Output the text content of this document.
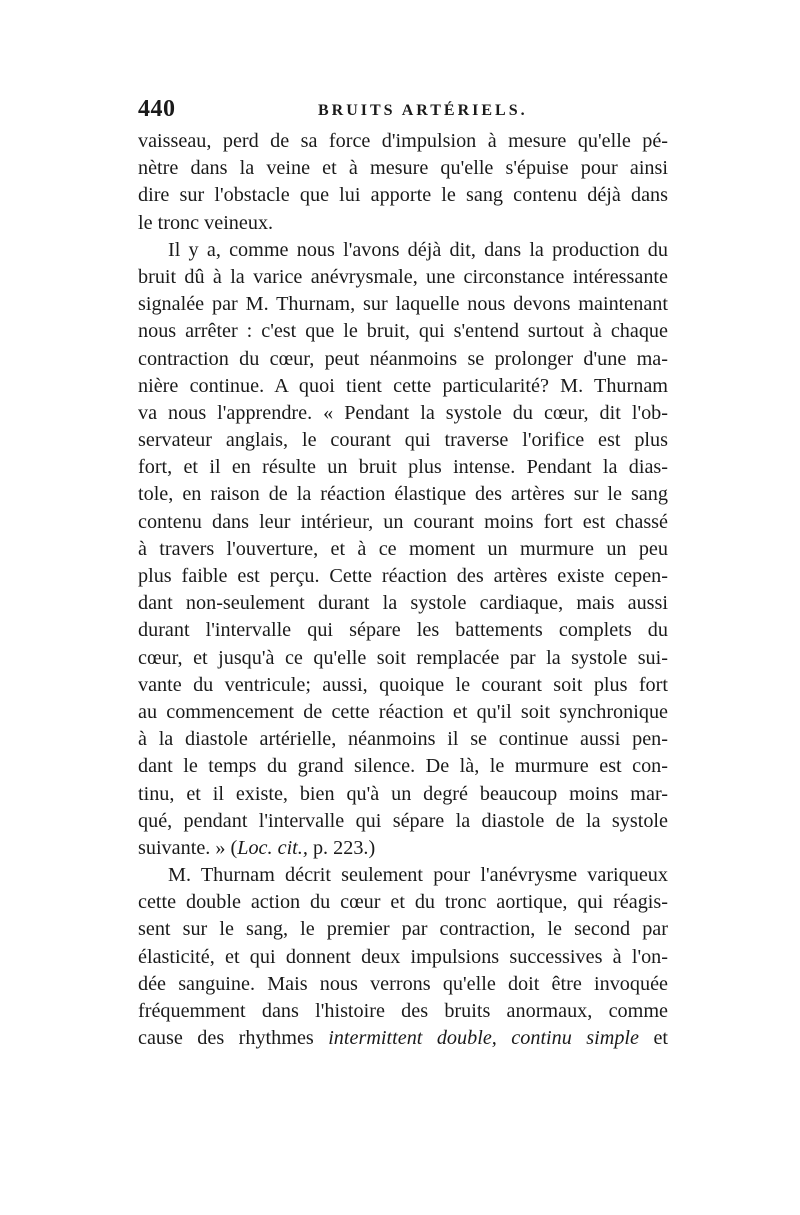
440	BRUITS ARTÉRIELS.
vaisseau, perd de sa force d'impulsion à mesure qu'elle pé-
nètre dans la veine et à mesure qu'elle s'épuise pour ainsi
dire sur l'obstacle que lui apporte le sang contenu déjà dans
le tronc veineux.
Il y a, comme nous l'avons déjà dit, dans la production du
bruit dû à la varice anévrysmale, une circonstance intéressante
signalée par M. Thurnam, sur laquelle nous devons maintenant
nous arrêter : c'est que le bruit, qui s'entend surtout à chaque
contraction du cœur, peut néanmoins se prolonger d'une ma-
nière continue. A quoi tient cette particularité? M. Thurnam
va nous l'apprendre. « Pendant la systole du cœur, dit l'ob-
servateur anglais, le courant qui traverse l'orifice est plus
fort, et il en résulte un bruit plus intense. Pendant la dias-
tole, en raison de la réaction élastique des artères sur le sang
contenu dans leur intérieur, un courant moins fort est chassé
à travers l'ouverture, et à ce moment un murmure un peu
plus faible est perçu. Cette réaction des artères existe cepen-
dant non-seulement durant la systole cardiaque, mais aussi
durant l'intervalle qui sépare les battements complets du
cœur, et jusqu'à ce qu'elle soit remplacée par la systole sui-
vante du ventricule; aussi, quoique le courant soit plus fort
au commencement de cette réaction et qu'il soit synchronique
à la diastole artérielle, néanmoins il se continue aussi pen-
dant le temps du grand silence. De là, le murmure est con-
tinu, et il existe, bien qu'à un degré beaucoup moins mar-
qué, pendant l'intervalle qui sépare la diastole de la systole
suivante. » (Loc. cit., p. 223.)
M. Thurnam décrit seulement pour l'anévrysme variqueux
cette double action du cœur et du tronc aortique, qui réagis-
sent sur le sang, le premier par contraction, le second par
élasticité, et qui donnent deux impulsions successives à l'on-
dée sanguine. Mais nous verrons qu'elle doit être invoquée
fréquemment dans l'histoire des bruits anormaux, comme
cause des rhythmes intermittent double, continu simple et
